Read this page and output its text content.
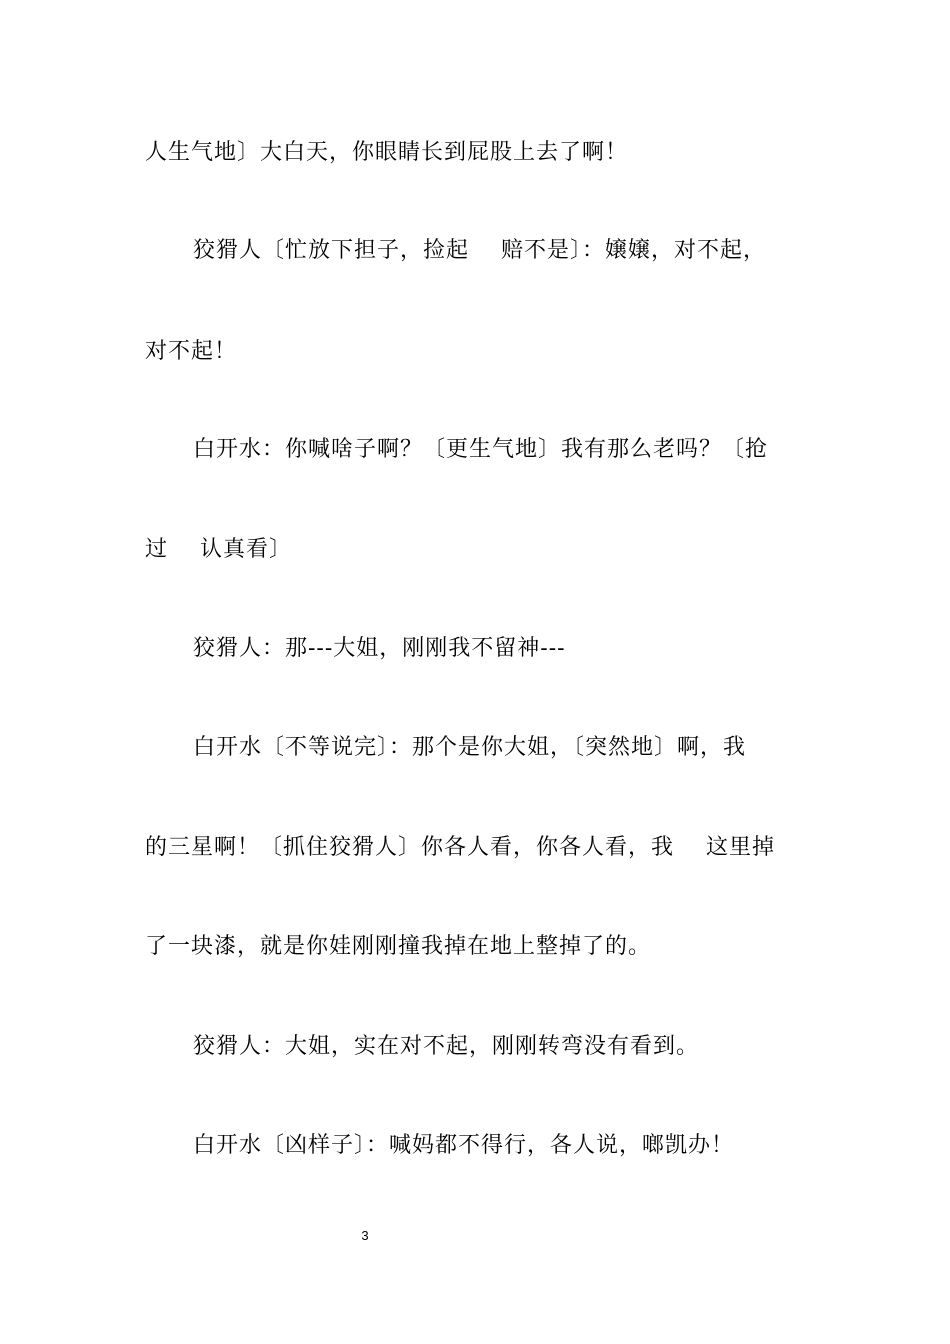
人生气地〕大白天，你眼睛长到屁股上去了啊！
狡猾人〔忙放下担子，捡起    赔不是〕：嬢嬢，对不起，
对不起！
白开水：你喊啥子啊？〔更生气地〕我有那么老吗？〔抢
过    认真看〕
狡猾人：那---大姐，刚刚我不留神---
白开水〔不等说完〕：那个是你大姐，〔突然地〕啊，我
的三星啊！〔抓住狡猾人〕你各人看，你各人看，我    这里掉
了一块漆，就是你娃刚刚撞我掉在地上整掉了的。
狡猾人：大姐，实在对不起，刚刚转弯没有看到。
白开水〔凶样子〕：喊妈都不得行，各人说，啷凯办！
3
